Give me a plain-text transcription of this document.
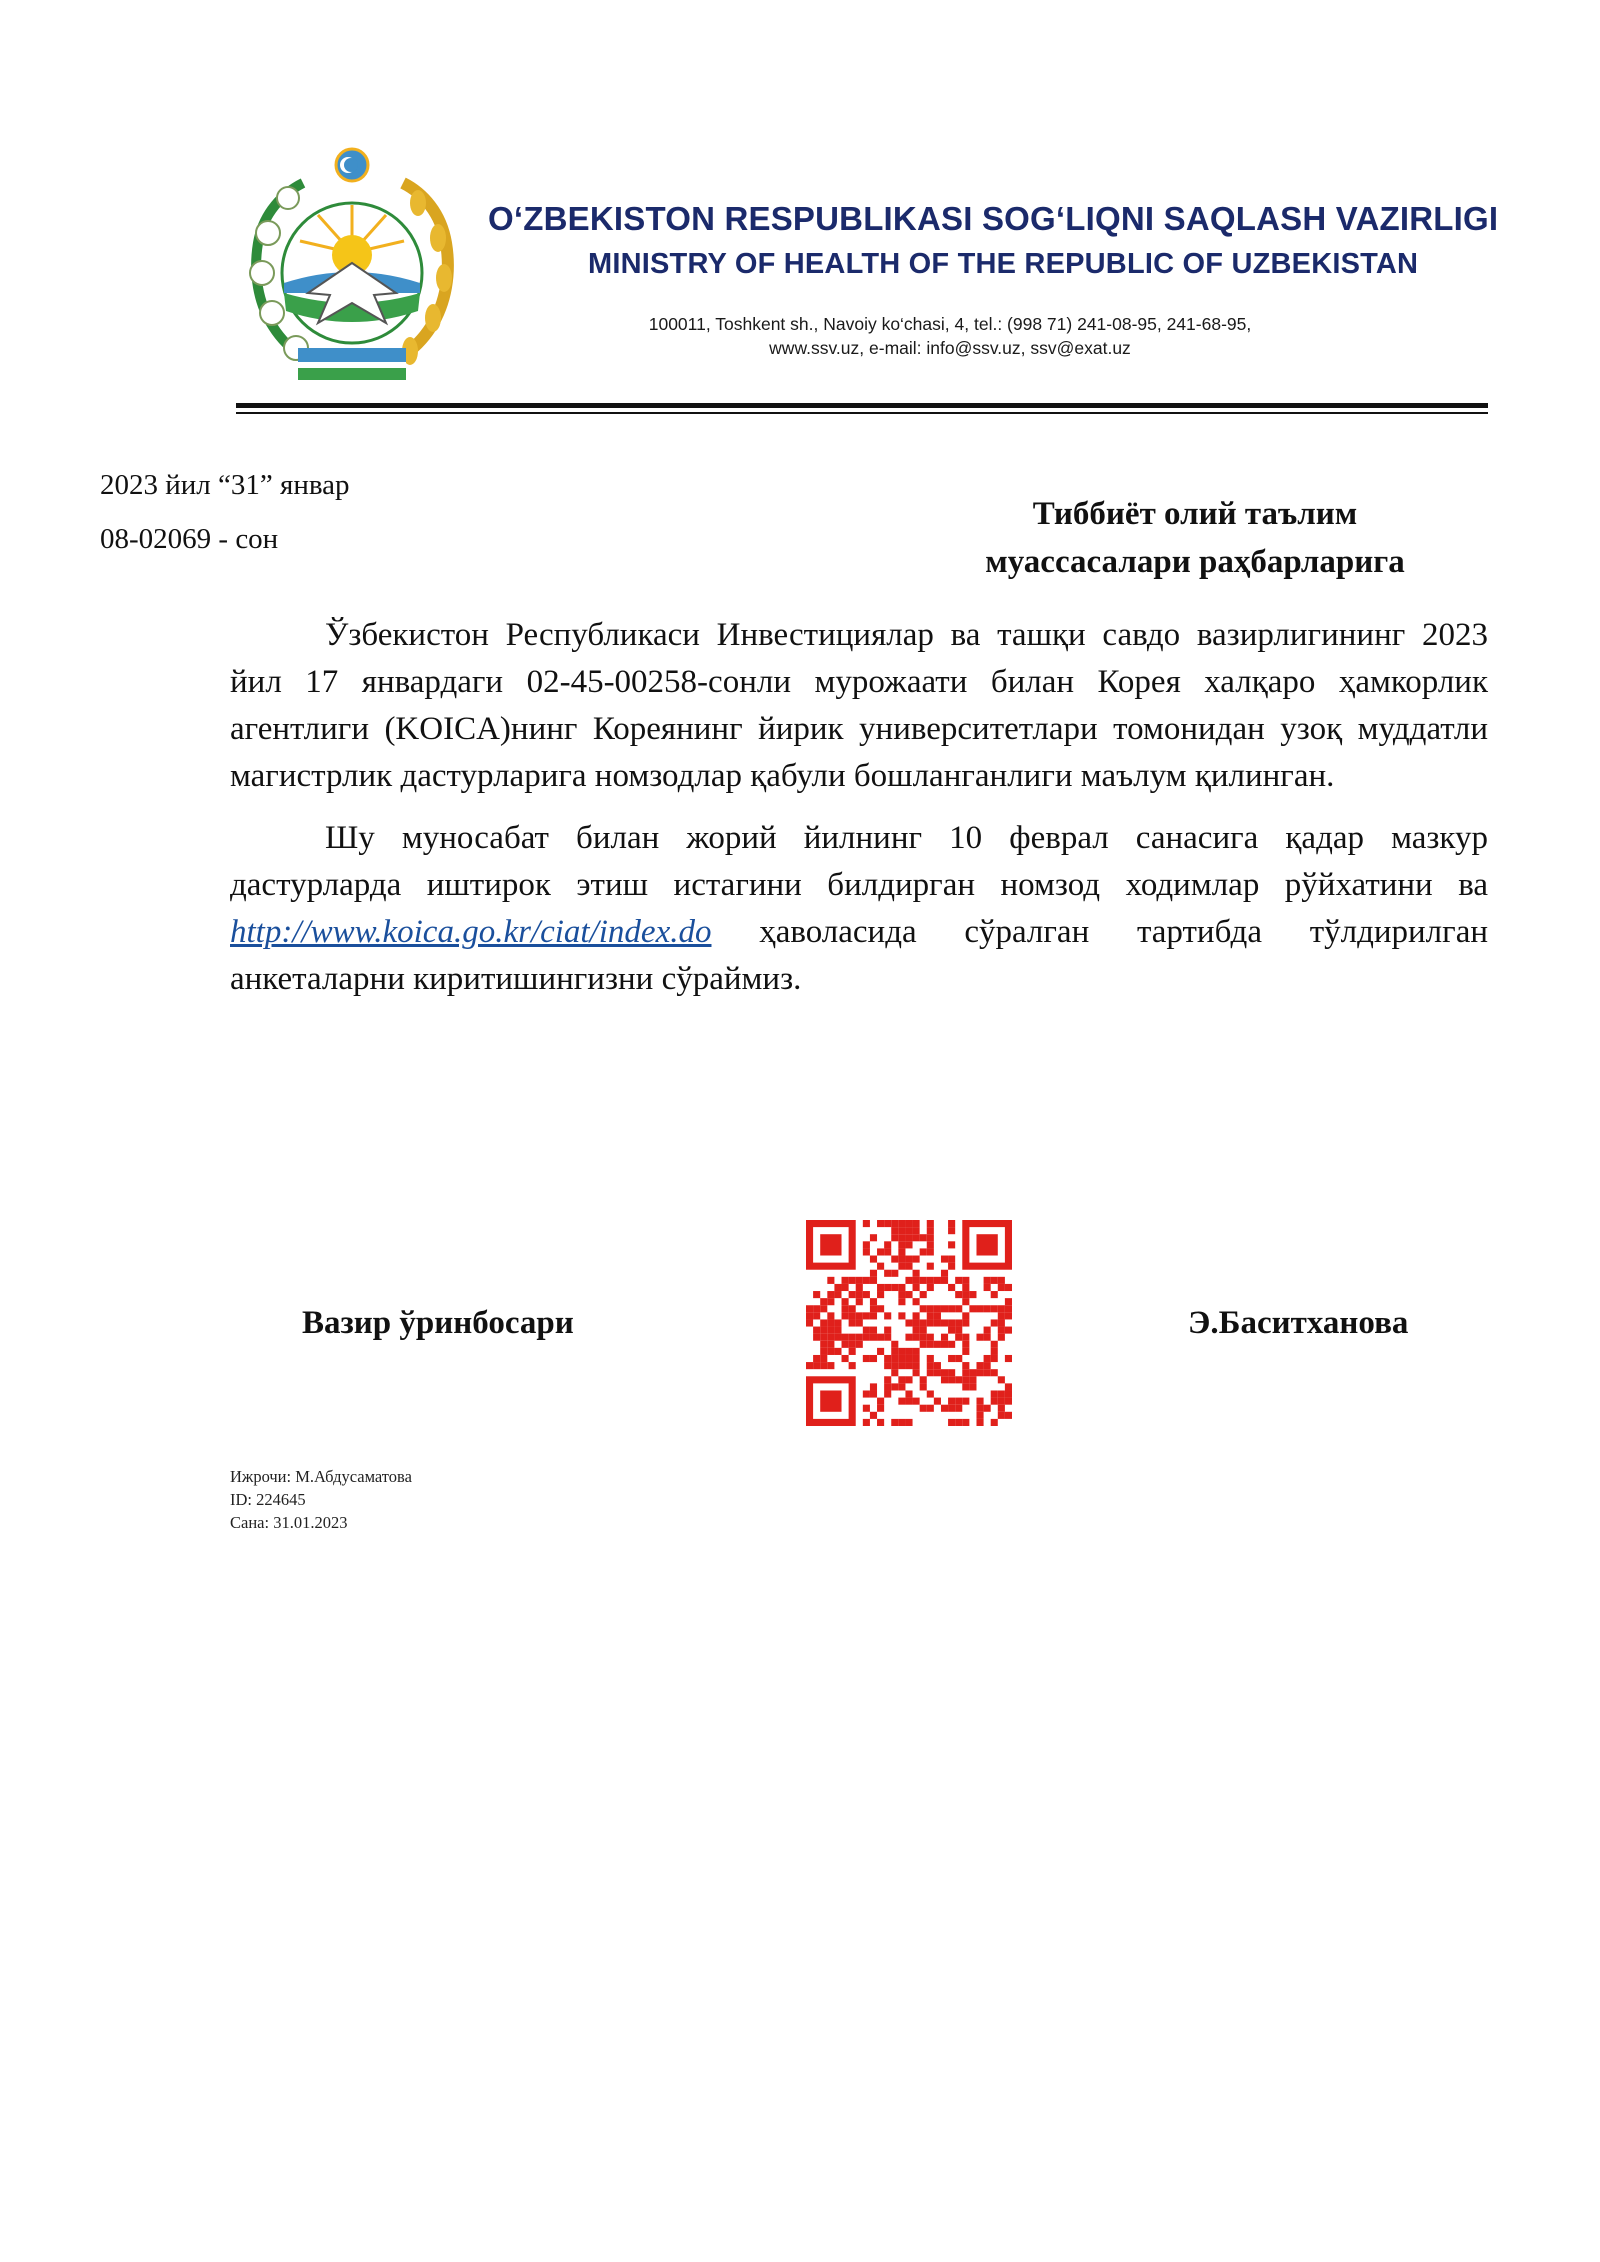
O‘ZBEKISTON RESPUBLIKASI SOG‘LIQNI SAQLASH VAZIRLIGI
MINISTRY OF HEALTH OF THE REPUBLIC OF UZBEKISTAN
100011, Toshkent sh., Navoiy ko‘chasi, 4, tel.: (998 71) 241-08-95, 241-68-95,
www.ssv.uz, e-mail: info@ssv.uz, ssv@exat.uz
2023 йил “31” январ
08-02069 - сон
Тиббиёт олий таълим
муассасалари раҳбарларига

Ўзбекистон Республикаси Инвестициялар ва ташқи савдо вазирлигининг 2023 йил 17 январдаги 02-45-00258-сонли мурожаати билан Корея халқаро ҳамкорлик агентлиги (KOICA)нинг Кореянинг йирик университетлари томонидан узоқ муддатли магистрлик дастурларига номзодлар қабули бошланганлиги маълум қилинган.

Шу муносабат билан жорий йилнинг 10 феврал санасига қадар мазкур дастурларда иштирок этиш истагини билдирган номзод ходимлар рўйхатини ва http://www.koica.go.kr/ciat/index.do ҳаволасида сўралган тартибда тўлдирилган анкеталарни киритишингизни сўраймиз.

Вазир ўринбосари	Э.Баситханова
Ижрочи: М.Абдусаматова
ID: 224645
Сана: 31.01.2023
